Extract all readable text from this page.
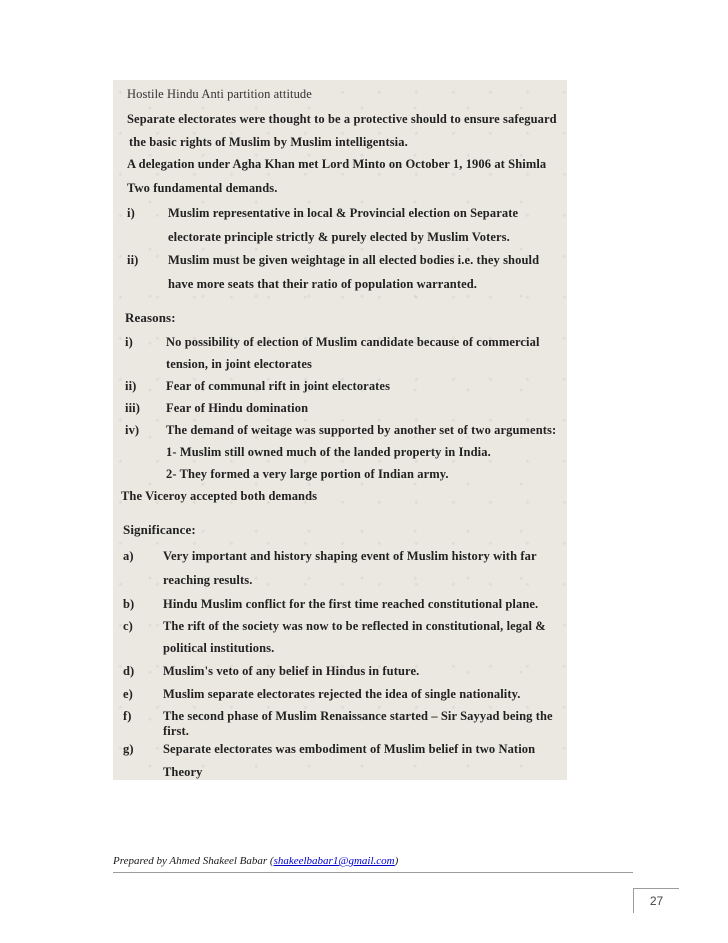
Hostile Hindu Anti partition attitude
Separate electorates were thought to be a protective should to ensure safeguard
the basic rights of Muslim by Muslim intelligentsia.
A delegation under Agha Khan met Lord Minto on October 1, 1906 at Shimla
Two fundamental demands.
i)	Muslim representative in local & Provincial election on Separate
electorate principle strictly & purely elected by Muslim Voters.
ii)	Muslim must be given weightage in all elected bodies i.e. they should
have more seats that their ratio of population warranted.
Reasons:
i)	No possibility of election of Muslim candidate because of commercial
tension, in joint electorates
ii)	Fear of communal rift in joint electorates
iii)	Fear of Hindu domination
iv)	The demand of weitage was supported by another set of two arguments:
1- Muslim still owned much of the landed property in India.
2- They formed a very large portion of Indian army.
The Viceroy accepted both demands
Significance:
a)	Very important and history shaping event of Muslim history with far
reaching results.
b)	Hindu Muslim conflict for the first time reached constitutional plane.
c)	The rift of the society was now to be reflected in constitutional, legal &
political institutions.
d)	Muslim's veto of any belief in Hindus in future.
e)	Muslim separate electorates rejected the idea of single nationality.
f)	The second phase of Muslim Renaissance started – Sir Sayyad being the
first.
g)	Separate electorates was embodiment of Muslim belief in two Nation
Theory
Prepared by Ahmed Shakeel Babar (shakeelbabar1@gmail.com)
27
